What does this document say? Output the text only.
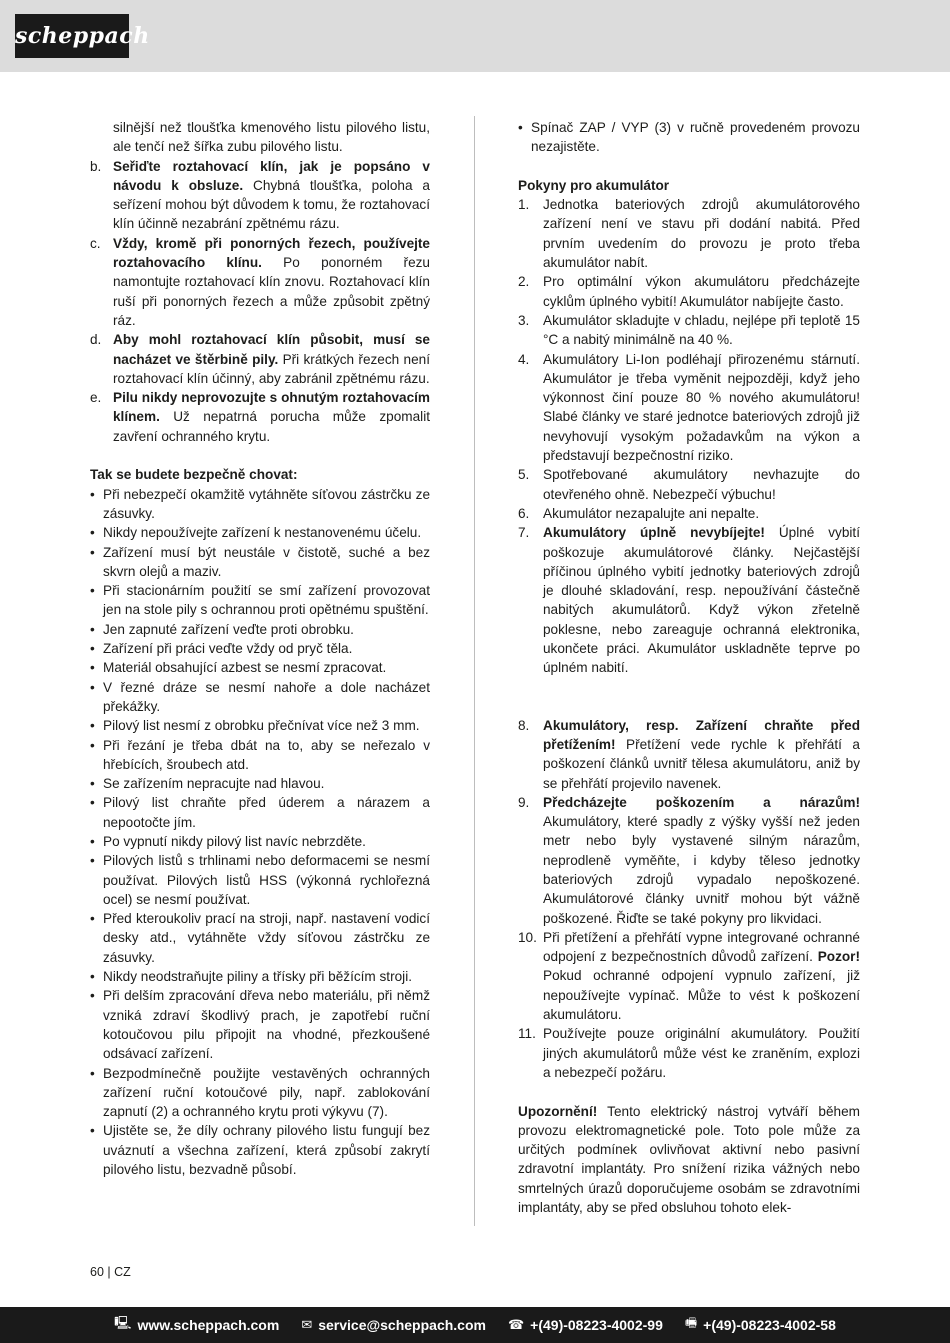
scheppach
silnější než tloušťka kmenového listu pilového listu, ale tenčí než šířka zubu pilového listu.
b. Seřiďte roztahovací klín, jak je popsáno v návodu k obsluze. Chybná tloušťka, poloha a seřízení mohou být důvodem k tomu, že roztahovací klín účinně nezabrání zpětnému rázu.
c. Vždy, kromě při ponorných řezech, používejte roztahovacího klínu. Po ponorném řezu namontujte roztahovací klín znovu. Roztahovací klín ruší při ponorných řezech a může způsobit zpětný ráz.
d. Aby mohl roztahovací klín působit, musí se nacházet ve štěrbině pily. Při krátkých řezech není roztahovací klín účinný, aby zabránil zpětnému rázu.
e. Pilu nikdy neprovozujte s ohnutým roztahovacím klínem. Už nepatrná porucha může zpomalit zavření ochranného krytu.
Tak se budete bezpečně chovat:
• Při nebezpečí okamžitě vytáhněte síťovou zástrčku ze zásuvky.
• Nikdy nepoužívejte zařízení k nestanovenému účelu.
• Zařízení musí být neustále v čistotě, suché a bez skvrn olejů a maziv.
• Při stacionárním použití se smí zařízení provozovat jen na stole pily s ochrannou proti opětnému spuštění.
• Jen zapnuté zařízení veďte proti obrobku.
• Zařízení při práci veďte vždy od pryč těla.
• Materiál obsahující azbest se nesmí zpracovat.
• V řezné dráze se nesmí nahoře a dole nacházet překážky.
• Pilový list nesmí z obrobku přečnívat více než 3 mm.
• Při řezání je třeba dbát na to, aby se neřezalo v hřebících, šroubech atd.
• Se zařízením nepracujte nad hlavou.
• Pilový list chraňte před úderem a nárazem a nepootočte jím.
• Po vypnutí nikdy pilový list navíc nebrzděte.
• Pilových listů s trhlinami nebo deformacemi se nesmí používat. Pilových listů HSS (výkonná rychlořezná ocel) se nesmí používat.
• Před kteroukoliv prací na stroji, např. nastavení vodicí desky atd., vytáhněte vždy síťovou zástrčku ze zásuvky.
• Nikdy neodstraňujte piliny a třísky při běžícím stroji.
• Při delším zpracování dřeva nebo materiálu, při němž vzniká zdraví škodlivý prach, je zapotřebí ruční kotoučovou pilu připojit na vhodné, přezkoušené odsávací zařízení.
• Bezpodmínečně použijte vestavěných ochranných zařízení ruční kotoučové pily, např. zablokování zapnutí (2) a ochranného krytu proti výkyvu (7).
• Ujistěte se, že díly ochrany pilového listu fungují bez uváznutí a všechna zařízení, která způsobí zakrytí pilového listu, bezvadně působí.
• Spínač ZAP / VYP (3) v ručně provedeném provozu nezajistěte.
Pokyny pro akumulátor
1.	Jednotka bateriových zdrojů akumulátorového zařízení není ve stavu při dodání nabitá. Před prvním uvedením do provozu je proto třeba akumulátor nabít.
2.	Pro optimální výkon akumulátoru předcházejte cyklům úplného vybití! Akumulátor nabíjejte často.
3.	Akumulátor skladujte v chladu, nejlépe při teplotě 15 °C a nabitý minimálně na 40 %.
4.	Akumulátory Li-Ion podléhají přirozenému stárnutí. Akumulátor je třeba vyměnit nejpozději, když jeho výkonnost činí pouze 80 % nového akumulátoru! Slabé články ve staré jednotce bateriových zdrojů již nevyhovují vysokým požadavkům na výkon a představují bezpečnostní riziko.
5.	Spotřebované akumulátory nevhazujte do otevřeného ohně. Nebezpečí výbuchu!
6.	Akumulátor nezapalujte ani nepalte.
7.	Akumulátory úplně nevybíjejte! Úplné vybití poškozuje akumulátorové články. Nejčastější příčinou úplného vybití jednotky bateriových zdrojů je dlouhé skladování, resp. nepoužívání částečně nabitých akumulátorů. Když výkon zřetelně poklesne, nebo zareaguje ochranná elektronika, ukončete práci. Akumulátor uskladněte teprve po úplném nabití.
8.	Akumulátory, resp. Zařízení chraňte před přetížením! Přetížení vede rychle k přehřátí a poškození článků uvnitř tělesa akumulátoru, aniž by se přehřátí projevilo navenek.
9.	Předcházejte poškozením a nárazům! Akumulátory, které spadly z výšky vyšší než jeden metr nebo byly vystavené silným nárazům, neprodleně vyměňte, i kdyby těleso jednotky bateriových zdrojů vypadalo nepoškozené. Akumulátorové články uvnitř mohou být vážně poškozené. Řiďte se také pokyny pro likvidaci.
10. Při přetížení a přehřátí vypne integrované ochranné odpojení z bezpečnostních důvodů zařízení. Pozor! Pokud ochranné odpojení vypnulo zařízení, již nepoužívejte vypínač. Může to vést k poškození akumulátoru.
11. Používejte pouze originální akumulátory. Použití jiných akumulátorů může vést ke zraněním, explozi a nebezpečí požáru.
Upozornění! Tento elektrický nástroj vytváří během provozu elektromagnetické pole. Toto pole může za určitých podmínek ovlivňovat aktivní nebo pasivní zdravotní implantáty. Pro snížení rizika vážných nebo smrtelných úrazů doporučujeme osobám se zdravotními implantáty, aby se před obsluhou tohoto elek-
60 | CZ
🖳 www.scheppach.com ✉ service@scheppach.com ☎ +(49)-08223-4002-99 🖷 +(49)-08223-4002-58
